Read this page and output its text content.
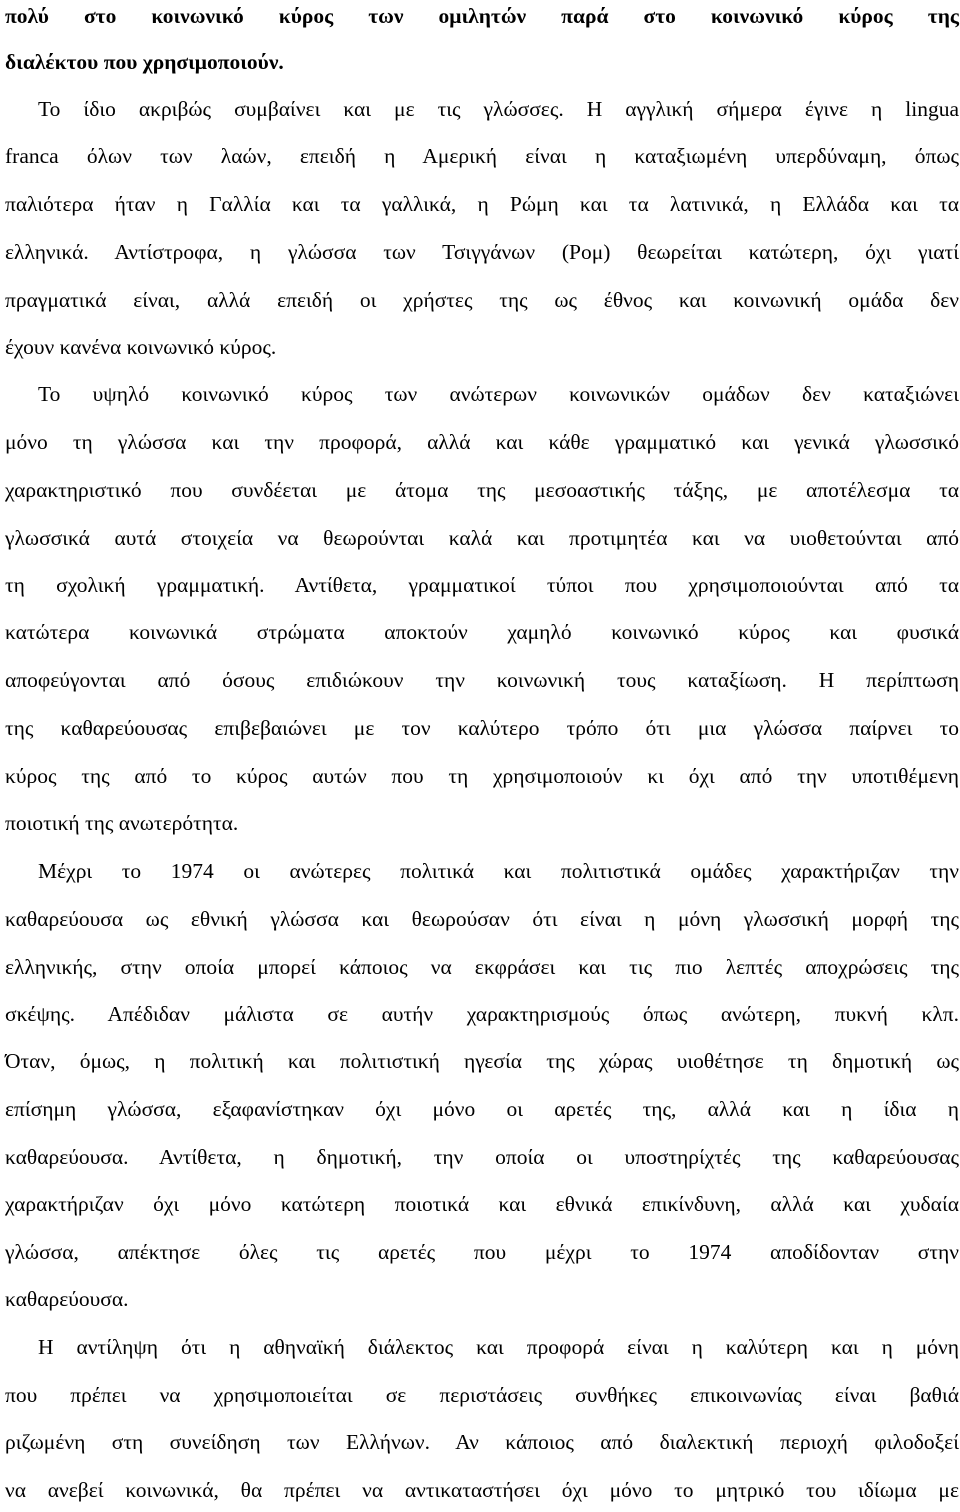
πολύ στο κοινωνικό κύρος των ομιλητών παρά στο κοινωνικό κύρος της
διαλέκτου που χρησιμοποιούν.
Το ίδιο ακριβώς συμβαίνει και με τις γλώσσες. Η αγγλική σήμερα έγινε η lingua
franca όλων των λαών, επειδή η Αμερική είναι η καταξιωμένη υπερδύναμη, όπως
παλιότερα ήταν η Γαλλία και τα γαλλικά, η Ρώμη και τα λατινικά, η Ελλάδα και τα
ελληνικά. Αντίστροφα, η γλώσσα των Τσιγγάνων (Ρομ) θεωρείται κατώτερη, όχι γιατί
πραγματικά είναι, αλλά επειδή οι χρήστες της ως έθνος και κοινωνική ομάδα δεν
έχουν κανένα κοινωνικό κύρος.
Το υψηλό κοινωνικό κύρος των ανώτερων κοινωνικών ομάδων δεν καταξιώνει
μόνο τη γλώσσα και την προφορά, αλλά και κάθε γραμματικό και γενικά γλωσσικό
χαρακτηριστικό που συνδέεται με άτομα της μεσοαστικής τάξης, με αποτέλεσμα τα
γλωσσικά αυτά στοιχεία να θεωρούνται καλά και προτιμητέα και να υιοθετούνται από
τη σχολική γραμματική. Αντίθετα, γραμματικοί τύποι που χρησιμοποιούνται από τα
κατώτερα κοινωνικά στρώματα αποκτούν χαμηλό κοινωνικό κύρος και φυσικά
αποφεύγονται από όσους επιδιώκουν την κοινωνική τους καταξίωση. Η περίπτωση
της καθαρεύουσας επιβεβαιώνει με τον καλύτερο τρόπο ότι μια γλώσσα παίρνει το
κύρος της από το κύρος αυτών που τη χρησιμοποιούν κι όχι από την υποτιθέμενη
ποιοτική της ανωτερότητα.
Μέχρι το 1974 οι ανώτερες πολιτικά και πολιτιστικά ομάδες χαρακτήριζαν την
καθαρεύουσα ως εθνική γλώσσα και θεωρούσαν ότι είναι η μόνη γλωσσική μορφή της
ελληνικής, στην οποία μπορεί κάποιος να εκφράσει και τις πιο λεπτές αποχρώσεις της
σκέψης. Απέδιδαν μάλιστα σε αυτήν χαρακτηρισμούς όπως ανώτερη, πυκνή κλπ.
Όταν, όμως, η πολιτική και πολιτιστική ηγεσία της χώρας υιοθέτησε τη δημοτική ως
επίσημη γλώσσα, εξαφανίστηκαν όχι μόνο οι αρετές της, αλλά και η ίδια η
καθαρεύουσα. Αντίθετα, η δημοτική, την οποία οι υποστηρίχτές της καθαρεύουσας
χαρακτήριζαν όχι μόνο κατώτερη ποιοτικά και εθνικά επικίνδυνη, αλλά και χυδαία
γλώσσα, απέκτησε όλες τις αρετές που μέχρι το 1974 αποδίδονταν στην
καθαρεύουσα.
Η αντίληψη ότι η αθηναϊκή διάλεκτος και προφορά είναι η καλύτερη και η μόνη
που πρέπει να χρησιμοποιείται σε περιστάσεις συνθήκες επικοινωνίας είναι βαθιά
ριζωμένη στη συνείδηση των Ελλήνων. Αν κάποιος από διαλεκτική περιοχή φιλοδοξεί
να ανεβεί κοινωνικά, θα πρέπει να αντικαταστήσει όχι μόνο το μητρικό του ιδίωμα με
